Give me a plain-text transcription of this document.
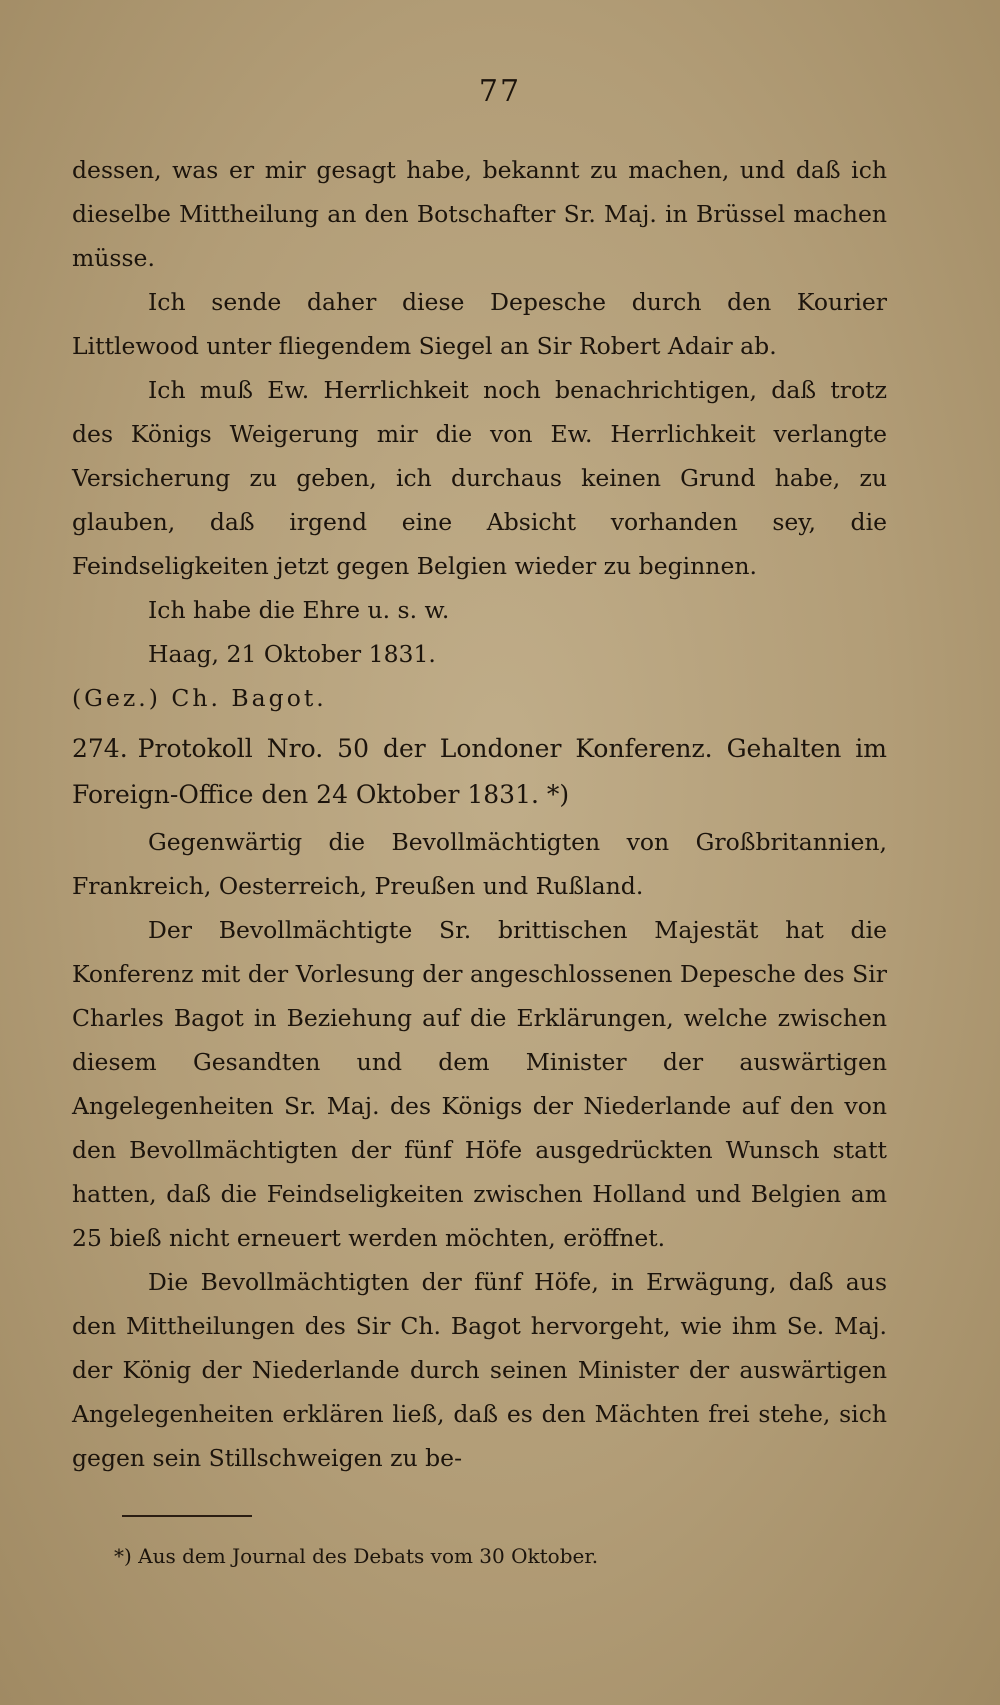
77

dessen, was er mir gesagt habe, bekannt zu machen, und daß ich dieselbe Mittheilung an den Botschafter Sr. Maj. in Brüssel machen müsse.

Ich sende daher diese Depesche durch den Kourier Littlewood unter fliegendem Siegel an Sir Robert Adair ab.

Ich muß Ew. Herrlichkeit noch benachrichtigen, daß trotz des Königs Weigerung mir die von Ew. Herrlichkeit verlangte Versicherung zu geben, ich durchaus keinen Grund habe, zu glauben, daß irgend eine Absicht vorhanden sey, die Feindseligkeiten jetzt gegen Belgien wieder zu beginnen.

Ich habe die Ehre u. s. w.

Haag, 21 Oktober 1831.

(Gez.) Ch. Bagot.

274. Protokoll Nro. 50 der Londoner Konferenz. Gehalten im Foreign-Office den 24 Oktober 1831. *)

Gegenwärtig die Bevollmächtigten von Großbritannien, Frankreich, Oesterreich, Preußen und Rußland.

Der Bevollmächtigte Sr. brittischen Majestät hat die Konferenz mit der Vorlesung der angeschlossenen Depesche des Sir Charles Bagot in Beziehung auf die Erklärungen, welche zwischen diesem Gesandten und dem Minister der auswärtigen Angelegenheiten Sr. Maj. des Königs der Niederlande auf den von den Bevollmächtigten der fünf Höfe ausgedrückten Wunsch statt hatten, daß die Feindseligkeiten zwischen Holland und Belgien am 25 bieß nicht erneuert werden möchten, eröffnet.

Die Bevollmächtigten der fünf Höfe, in Erwägung, daß aus den Mittheilungen des Sir Ch. Bagot hervorgeht, wie ihm Se. Maj. der König der Niederlande durch seinen Minister der auswärtigen Angelegenheiten erklären ließ, daß es den Mächten frei stehe, sich gegen sein Stillschweigen zu be-

*) Aus dem Journal des Debats vom 30 Oktober.
